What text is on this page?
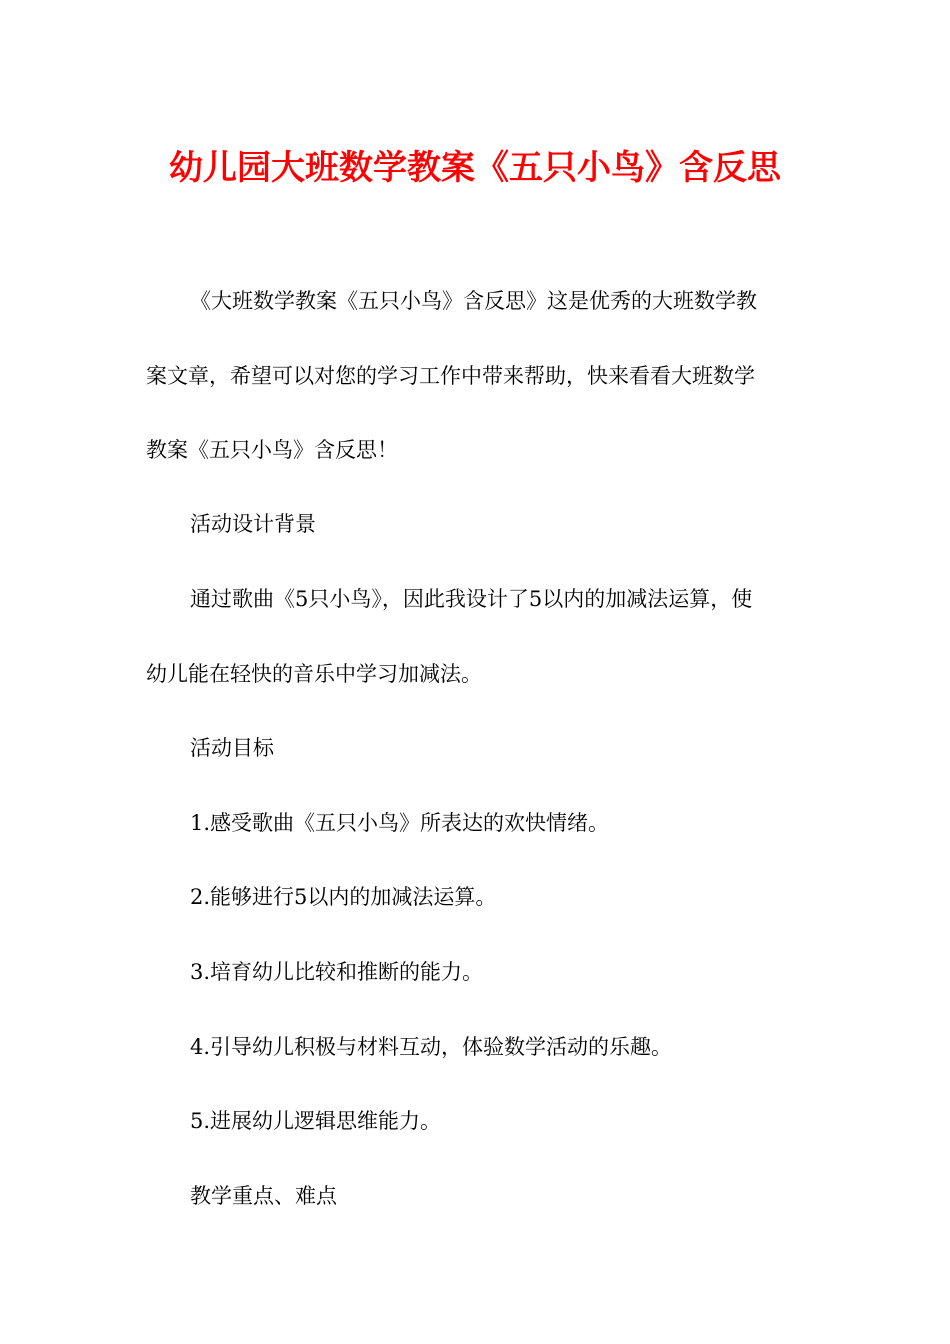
幼儿园大班数学教案《五只小鸟》含反思
《大班数学教案《五只小鸟》含反思》这是优秀的大班数学教
案文章，希望可以对您的学习工作中带来帮助，快来看看大班数学
教案《五只小鸟》含反思！
活动设计背景
通过歌曲《5只小鸟》，因此我设计了5以内的加减法运算，使
幼儿能在轻快的音乐中学习加减法。
活动目标
1.感受歌曲《五只小鸟》所表达的欢快情绪。
2.能够进行5以内的加减法运算。
3.培育幼儿比较和推断的能力。
4.引导幼儿积极与材料互动，体验数学活动的乐趣。
5.进展幼儿逻辑思维能力。
教学重点、难点
